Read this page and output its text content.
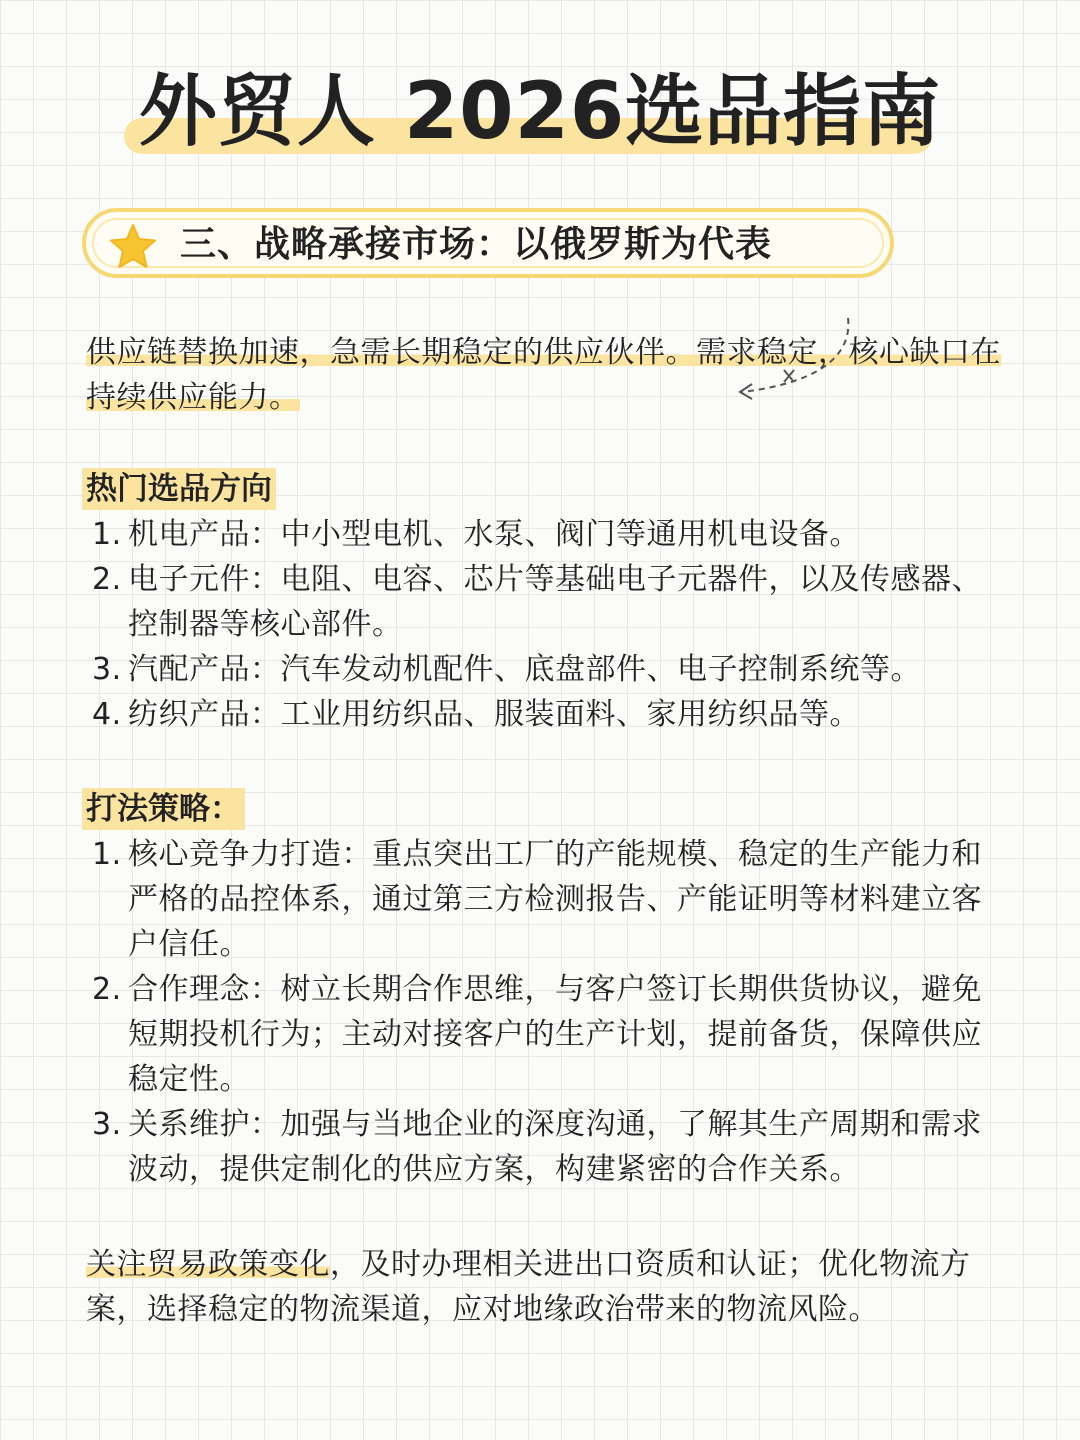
外贸人 2026选品指南
三、战略承接市场：以俄罗斯为代表
供应链替换加速，急需长期稳定的供应伙伴。需求稳定，核心缺口在持续供应能力。
热门选品方向
1. 机电产品：中小型电机、水泵、阀门等通用机电设备。
2. 电子元件：电阻、电容、芯片等基础电子元器件，以及传感器、控制器等核心部件。
3. 汽配产品：汽车发动机配件、底盘部件、电子控制系统等。
4. 纺织产品：工业用纺织品、服装面料、家用纺织品等。
打法策略：
1. 核心竞争力打造：重点突出工厂的产能规模、稳定的生产能力和严格的品控体系，通过第三方检测报告、产能证明等材料建立客户信任。
2. 合作理念：树立长期合作思维，与客户签订长期供货协议，避免短期投机行为；主动对接客户的生产计划，提前备货，保障供应稳定性。
3. 关系维护：加强与当地企业的深度沟通，了解其生产周期和需求波动，提供定制化的供应方案，构建紧密的合作关系。
关注贸易政策变化，及时办理相关进出口资质和认证；优化物流方案，选择稳定的物流渠道，应对地缘政治带来的物流风险。
